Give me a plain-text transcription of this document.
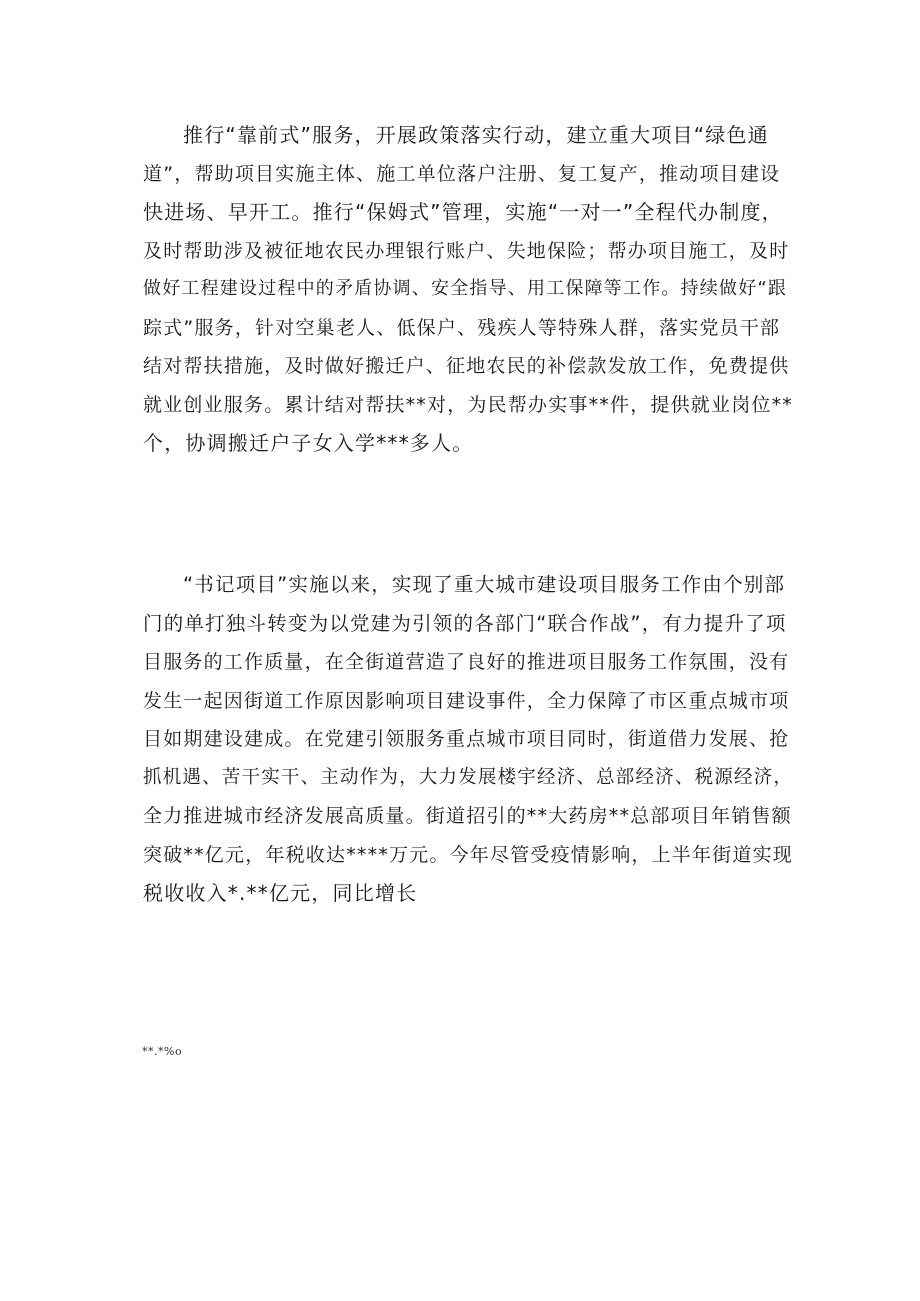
推行“靠前式”服务，开展政策落实行动，建立重大项目“绿色通
道”，帮助项目实施主体、施工单位落户注册、复工复产，推动项目建设
快进场、早开工。推行“保姆式”管理，实施“一对一”全程代办制度，
及时帮助涉及被征地农民办理银行账户、失地保险；帮办项目施工，及时
做好工程建设过程中的矛盾协调、安全指导、用工保障等工作。持续做好“跟
踪式”服务，针对空巢老人、低保户、残疾人等特殊人群，落实党员干部
结对帮扶措施，及时做好搬迁户、征地农民的补偿款发放工作，免费提供
就业创业服务。累计结对帮扶**对，为民帮办实事**件，提供就业岗位**
个，协调搬迁户子女入学***多人。
“书记项目”实施以来，实现了重大城市建设项目服务工作由个别部
门的单打独斗转变为以党建为引领的各部门“联合作战”，有力提升了项
目服务的工作质量，在全街道营造了良好的推进项目服务工作氛围，没有
发生一起因街道工作原因影响项目建设事件，全力保障了市区重点城市项
目如期建设建成。在党建引领服务重点城市项目同时，街道借力发展、抢
抓机遇、苦干实干、主动作为，大力发展楼宇经济、总部经济、税源经济，
全力推进城市经济发展高质量。街道招引的**大药房**总部项目年销售额
突破**亿元，年税收达****万元。今年尽管受疫情影响，上半年街道实现
税收收入*.**亿元，同比增长
**.*%o
